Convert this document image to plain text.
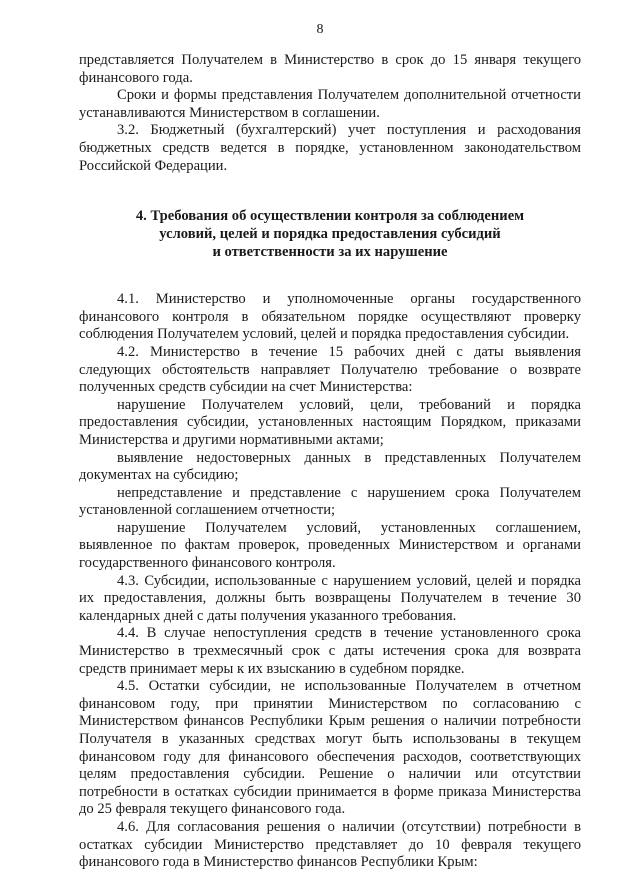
8

представляется Получателем в Министерство в срок до 15 января текущего финансового года.

Сроки и формы представления Получателем дополнительной отчетности устанавливаются Министерством в соглашении.

3.2. Бюджетный (бухгалтерский) учет поступления и расходования бюджетных средств ведется в порядке, установленном законодательством Российской Федерации.

4. Требования об осуществлении контроля за соблюдением
условий, целей и порядка предоставления субсидий
и ответственности за их нарушение

4.1. Министерство и уполномоченные органы государственного финансового контроля в обязательном порядке осуществляют проверку соблюдения Получателем условий, целей и порядка предоставления субсидии.

4.2. Министерство в течение 15 рабочих дней с даты выявления следующих обстоятельств направляет Получателю требование о возврате полученных средств субсидии на счет Министерства:

нарушение Получателем условий, цели, требований и порядка предоставления субсидии, установленных настоящим Порядком, приказами Министерства и другими нормативными актами;

выявление недостоверных данных в представленных Получателем документах на субсидию;

непредставление и представление с нарушением срока Получателем установленной соглашением отчетности;

нарушение Получателем условий, установленных соглашением, выявленное по фактам проверок, проведенных Министерством и органами государственного финансового контроля.

4.3. Субсидии, использованные с нарушением условий, целей и порядка их предоставления, должны быть возвращены Получателем в течение 30 календарных дней с даты получения указанного требования.

4.4. В случае непоступления средств в течение установленного срока Министерство в трехмесячный срок с даты истечения срока для возврата средств принимает меры к их взысканию в судебном порядке.

4.5. Остатки субсидии, не использованные Получателем в отчетном финансовом году, при принятии Министерством по согласованию с Министерством финансов Республики Крым решения о наличии потребности Получателя в указанных средствах могут быть использованы в текущем финансовом году для финансового обеспечения расходов, соответствующих целям предоставления субсидии. Решение о наличии или отсутствии потребности в остатках субсидии принимается в форме приказа Министерства до 25 февраля текущего финансового года.

4.6. Для согласования решения о наличии (отсутствии) потребности в остатках субсидии Министерство представляет до 10 февраля текущего финансового года в Министерство финансов Республики Крым:
